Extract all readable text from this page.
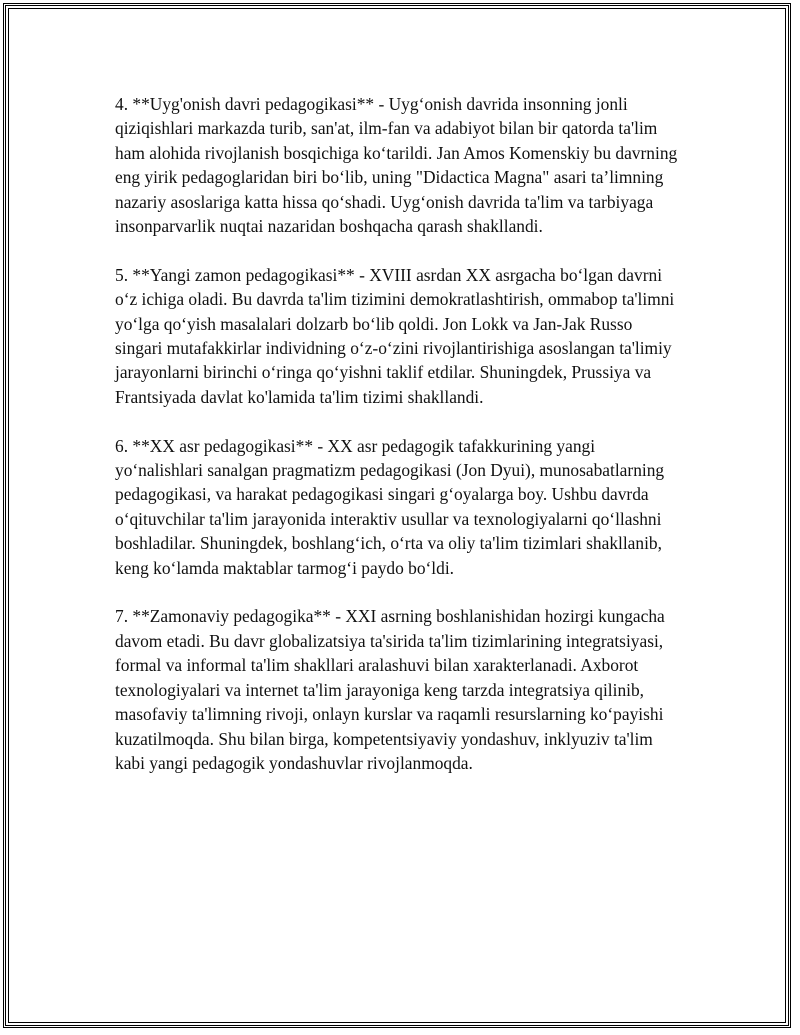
4. **Uyg'onish davri pedagogikasi** - Uyg‘onish davrida insonning jonli qiziqishlari markazda turib, san'at, ilm-fan va adabiyot bilan bir qatorda ta'lim ham alohida rivojlanish bosqichiga ko‘tarildi. Jan Amos Komenskiy bu davrning eng yirik pedagoglaridan biri bo‘lib, uning "Didactica Magna" asari ta’limning nazariy asoslariga katta hissa qo‘shadi. Uyg‘onish davrida ta'lim va tarbiyaga insonparvarlik nuqtai nazaridan boshqacha qarash shakllandi.

5. **Yangi zamon pedagogikasi** - XVIII asrdan XX asrgacha bo‘lgan davrni o‘z ichiga oladi. Bu davrda ta'lim tizimini demokratlashtirish, ommabop ta'limni yo‘lga qo‘yish masalalari dolzarb bo‘lib qoldi. Jon Lokk va Jan-Jak Russo singari mutafakkirlar individning o‘z-o‘zini rivojlantirishiga asoslangan ta'limiy jarayonlarni birinchi o‘ringa qo‘yishni taklif etdilar. Shuningdek, Prussiya va Frantsiyada davlat ko'lamida ta'lim tizimi shakllandi.

6. **XX asr pedagogikasi** - XX asr pedagogik tafakkurining yangi yo‘nalishlari sanalgan pragmatizm pedagogikasi (Jon Dyui), munosabatlarning pedagogikasi, va harakat pedagogikasi singari g‘oyalarga boy. Ushbu davrda o‘qituvchilar ta'lim jarayonida interaktiv usullar va texnologiyalarni qo‘llashni boshladilar. Shuningdek, boshlang‘ich, o‘rta va oliy ta'lim tizimlari shakllanib, keng ko‘lamda maktablar tarmog‘i paydo bo‘ldi.

7. **Zamonaviy pedagogika** - XXI asrning boshlanishidan hozirgi kungacha davom etadi. Bu davr globalizatsiya ta'sirida ta'lim tizimlarining integratsiyasi, formal va informal ta'lim shakllari aralashuvi bilan xarakterlanadi. Axborot texnologiyalari va internet ta'lim jarayoniga keng tarzda integratsiya qilinib, masofaviy ta'limning rivoji, onlayn kurslar va raqamli resurslarning ko‘payishi kuzatilmoqda. Shu bilan birga, kompetentsiyaviy yondashuv, inklyuziv ta'lim kabi yangi pedagogik yondashuvlar rivojlanmoqda.
